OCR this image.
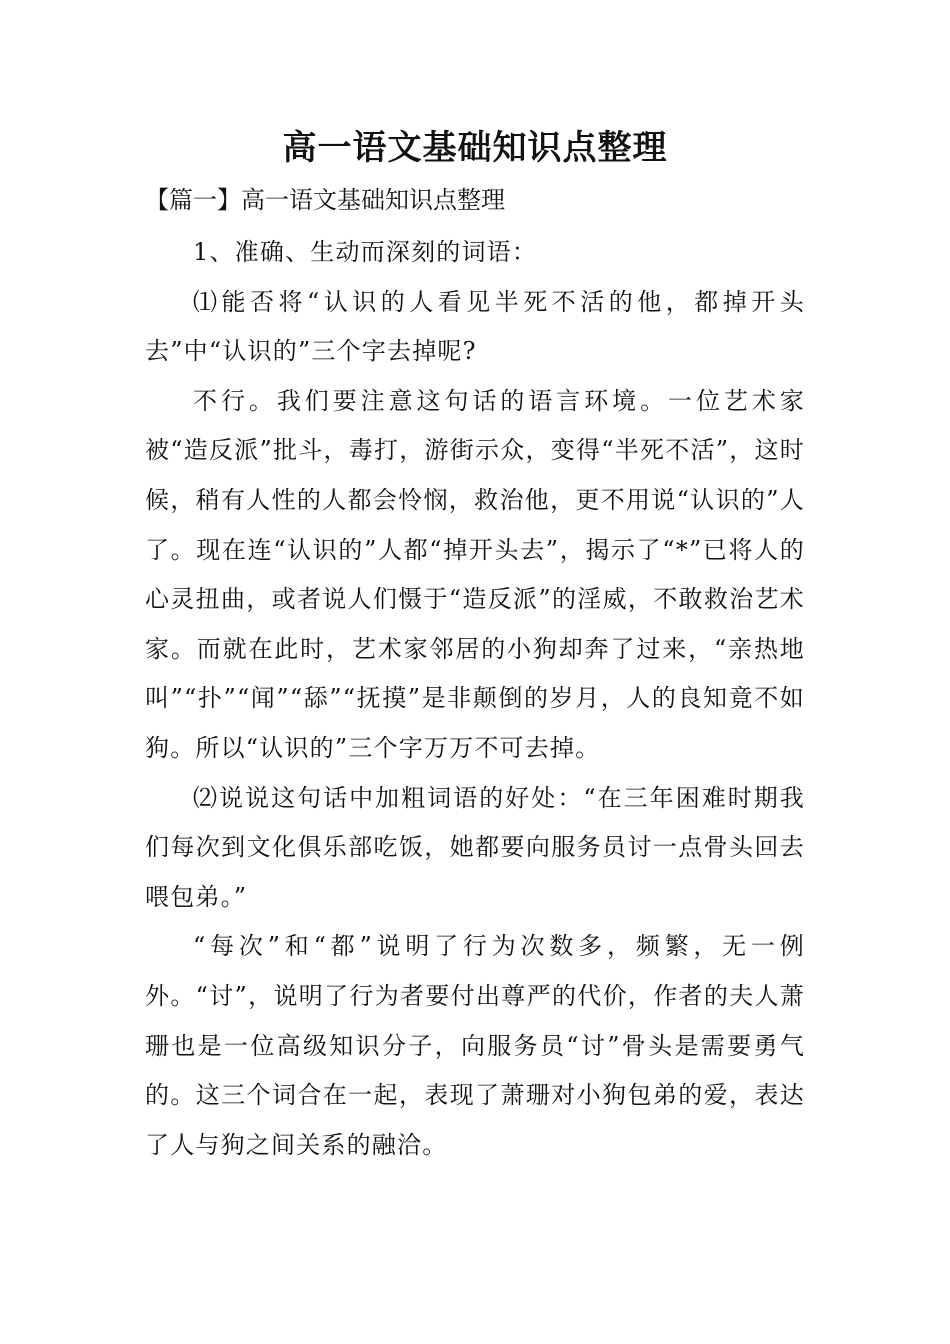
高一语文基础知识点整理
【篇一】高一语文基础知识点整理

1、准确、生动而深刻的词语：

⑴能否将“认识的人看见半死不活的他，都掉开头去”中“认识的”三个字去掉呢?

不行。我们要注意这句话的语言环境。一位艺术家被“造反派”批斗，毒打，游街示众，变得“半死不活”，这时候，稍有人性的人都会怜悯，救治他，更不用说“认识的”人了。现在连“认识的”人都“掉开头去”，揭示了“*”已将人的心灵扭曲，或者说人们慑于“造反派”的淫威，不敢救治艺术家。而就在此时，艺术家邻居的小狗却奔了过来，“亲热地叫”“扑”“闻”“舔”“抚摸”是非颠倒的岁月，人的良知竟不如狗。所以“认识的”三个字万万不可去掉。

⑵说说这句话中加粗词语的好处：“在三年困难时期我们每次到文化俱乐部吃饭，她都要向服务员讨一点骨头回去喂包弟。”

“每次”和“都”说明了行为次数多，频繁，无一例外。“讨”，说明了行为者要付出尊严的代价，作者的夫人萧珊也是一位高级知识分子，向服务员“讨”骨头是需要勇气的。这三个词合在一起，表现了萧珊对小狗包弟的爱，表达了人与狗之间关系的融洽。
